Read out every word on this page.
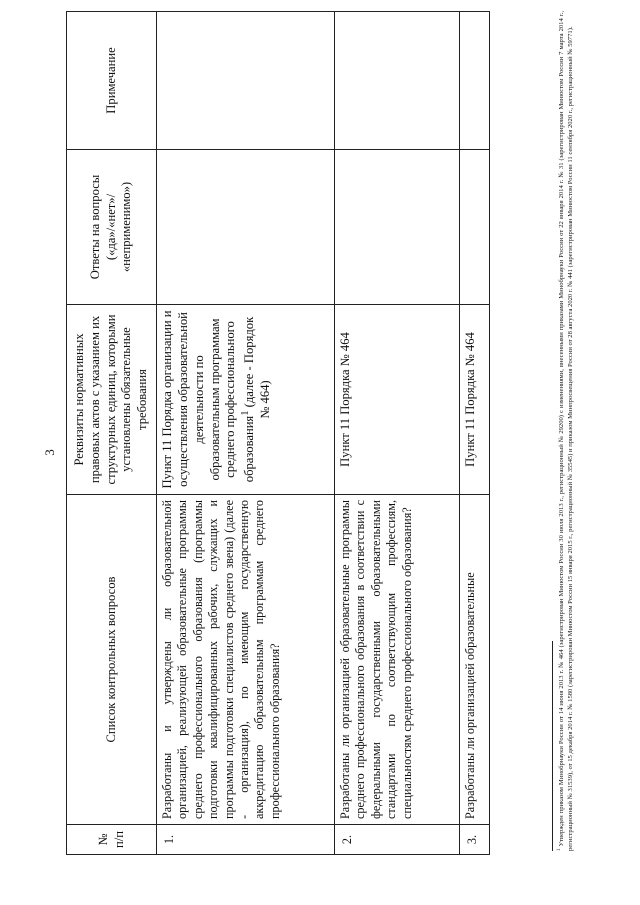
3
№ п/п	Список контрольных вопросов	Реквизиты нормативных правовых актов с указанием их структурных единиц, которыми установлены обязательные требования	Ответы на вопросы («да»/«нет»/ «неприменимо»)	Примечание
1.	Разработаны и утверждены ли образовательной организацией, реализующей образовательные программы среднего профессионального образования (программы подготовки квалифицированных рабочих, служащих и программы подготовки специалистов среднего звена) (далее - организация), по имеющим государственную аккредитацию образовательным программам среднего профессионального образования?	Пункт 11 Порядка организации и осуществления образовательной деятельности по образовательным программам среднего профессионального образования$^1$ (далее - Порядок № 464)		
2.	Разработаны ли организацией образовательные программы среднего профессионального образования в соответствии с федеральными государственными образовательными стандартами по соответствующим профессиям, специальностям среднего профессионального образования?	Пункт 11 Порядка № 464		
3.	Разработаны ли организацией образовательные	Пункт 11 Порядка № 464		
$^1$ Утвержден приказом Минобрнауки России от 14 июня 2013 г. № 464 (зарегистрирован Минюстом России 30 июля 2013 г., регистрационный № 29200) с изменениями, внесенными приказами Минобрнауки России от 22 января 2014 г. № 31 (зарегистрирован Минюстом России 7 марта 2014 г., регистрационный № 31539), от 15 декабря 2014 г. № 1580 (зарегистрирован Минюстом России 15 января 2015 г., регистрационный № 35545) и приказом Минпросвещения России от 28 августа 2020 г. № 441 (зарегистрирован Минюстом России 11 сентября 2020 г., регистрационный № 59771).
